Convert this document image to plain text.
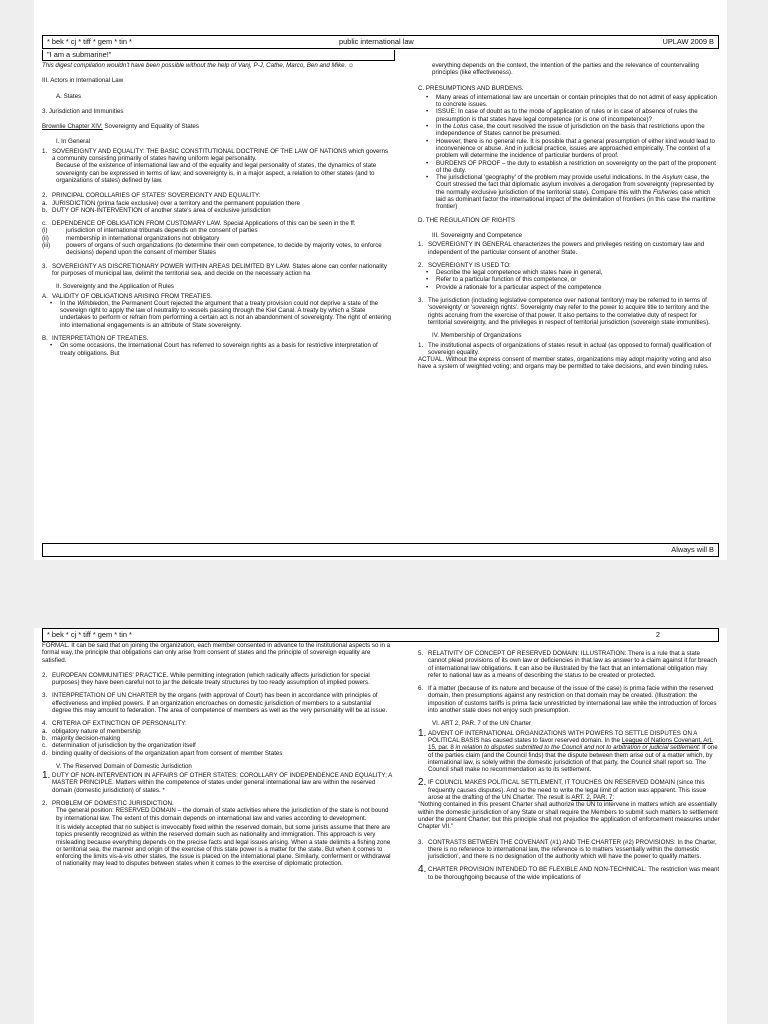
* bek * cj * tiff * gem * tin *	public international law	UPLAW 2009 B
"I am a submarine!"

This digest compilation wouldn't have been possible without the help of Vanj, P-J, Cathe, Marco, Ben and Mike. ☺

III. Actors in International Law

A. States

3. Jurisdiction and Immunities

Brownlie Chapter XIV: Sovereignty and Equality of States

I. In General

1. SOVEREIGNTY AND EQUALITY: THE BASIC CONSTITUTIONAL DOCTRINE OF THE LAW OF NATIONS which governs a community consisting primarily of states having uniform legal personality.

Because of the existence of international law and of the equality and legal personality of states, the dynamics of state sovereignty can be expressed in terms of law; and sovereignty is, in a major aspect, a relation to other states (and to organizations of states) defined by law.

2. PRINCIPAL COROLLARIES OF STATES' SOVEREIGNTY AND EQUALITY:
a. JURISDICTION (prima facie exclusive) over a territory and the permanent population there
b. DUTY OF NON-INTERVENTION of another state's area of exclusive jurisdiction
c. DEPENDENCE OF OBLIGATION FROM CUSTOMARY LAW. Special Applications of this can be seen in the ff:
(i)	jurisdiction of international tribunals depends on the consent of parties
(ii)	membership in international organizations not obligatory
(iii)	powers of organs of such organizations (to determine their own competence, to decide by majority votes, to enforce decisions) depend upon the consent of member States
3. SOVEREIGNTY AS DISCRETIONARY POWER WITHIN AREAS DELIMITED BY LAW. States alone can confer nationality for purposes of municipal law, delimit the territorial sea, and decide on the necessary action ha

II. Sovereignty and the Application of Rules

A. VALIDITY OF OBLIGATIONS ARISING FROM TREATIES.
•	In the Wimbledon, the Permanent Court rejected the argument that a treaty provision could not deprive a state of the sovereign right to apply the law of neutrality to vessels passing through the Kiel Canal. A treaty by which a State undertakes to perform or refrain from performing a certain act is not an abandonment of sovereignty. The right of entering into international engagements is an attribute of State sovereignty.
B. INTERPRETATION OF TREATIES.
•	On some occasions, the International Court has referred to sovereign rights as a basis for restrictive interpretation of treaty obligations. But

everything depends on the context, the intention of the parties and the relevance of countervailing principles (like effectiveness).

C. PRESUMPTIONS AND BURDENS.

•	Many areas of international law are uncertain or contain principles that do not admit of easy application to concrete issues.
•	ISSUE: In case of doubt as to the mode of application of rules or in case of absence of rules the presumption is that states have legal competence (or is one of incompetence)?
•	In the Lotus case, the court resolved the issue of jurisdiction on the basis that restrictions upon the independence of States cannot be presumed.
•	However, there is no general rule. It is possible that a general presumption of either kind would lead to inconvenience or abuse. And in judicial practice, issues are approached empirically. The context of a problem will determine the incidence of particular burdens of proof.
•	BURDENS OF PROOF – the duty to establish a restriction on sovereignty on the part of the proponent of the duty.
•	The jurisdictional 'geography' of the problem may provide useful indications. In the Asylum case, the Court stressed the fact that diplomatic asylum involves a derogation from sovereignty (represented by the normally exclusive jurisdiction of the territorial state). Compare this with the Fisheries case which laid as dominant factor the international impact of the delimitation of frontiers (in this case the maritime frontier)

D. THE REGULATION OF RIGHTS

III. Sovereignty and Competence

1. SOVEREIGNTY IN GENERAL characterizes the powers and privileges resting on customary law and independent of the particular consent of another State.
2. SOVEREIGNTY IS USED TO:
•	Describe the legal competence which states have in general,
•	Refer to a particular function of this competence, or
•	Provide a rationale for a particular aspect of the competence
3. The jurisdiction (including legislative competence over national territory) may be referred to in terms of 'sovereignty' or 'sovereign rights'. Sovereignty may refer to the power to acquire title to territory and the rights accruing from the exercise of that power. It also pertains to the correlative duty of respect for territorial sovereignty, and the privileges in respect of territorial jurisdiction (sovereign state immunities).

IV. Membership of Organizations

1. The institutional aspects of organizations of states result in actual (as opposed to formal) qualification of sovereign equality.

ACTUAL. Without the express consent of member states, organizations may adopt majority voting and also have a system of weighted voting; and organs may be permitted to take decisions, and even binding rules.

Always will B
* bek * cj * tiff * gem * tin *	2

FORMAL. It can be said that on joining the organization, each member consented in advance to the institutional aspects so in a formal way, the principle that obligations can only arise from consent of states and the principle of sovereign equality are satisfied.

2. EUROPEAN COMMUNITIES' PRACTICE. While permitting integration (which radically affects jurisdiction for special purposes) they have been careful not to jar the delicate treaty structures by too ready assumption of implied powers.
3. INTERPRETATION OF UN CHARTER by the organs (with approval of Court) has been in accordance with principles of effectiveness and implied powers. If an organization encroaches on domestic jurisdiction of members to a substantial degree this may amount to federation. The area of competence of members as well as the very personality will be at issue.
4. CRITERIA OF EXTINCTION OF PERSONALITY:
a. obligatory nature of membership
b. majority decision-making
c. determination of jurisdiction by the organization itself
d. binding quality of decisions of the organization apart from consent of member States

V. The Reserved Domain of Domestic Jurisdiction

1. DUTY OF NON-INTERVENTION IN AFFAIRS OF OTHER STATES: COROLLARY OF INDEPENDENCE AND EQUALITY; A MASTER PRINCIPLE. Matters within the competence of states under general international law are within the reserved domain (domestic jurisdiction) of states. *
2. PROBLEM OF DOMESTIC JURISDICTION.

The general position: RESERVED DOMAIN – the domain of state activities where the jurisdiction of the state is not bound by international law. The extent of this domain depends on international law and varies according to development.

It is widely accepted that no subject is irrevocably fixed within the reserved domain, but some jurists assume that there are topics presently recognized as within the reserved domain such as nationality and immigration. This approach is very misleading because everything depends on the precise facts and legal issues arising. When a state delimits a fishing zone or territorial sea, the manner and origin of the exercise of this state power is a matter for the state. But when it comes to enforcing the limits vis-à-vis other states, the issue is placed on the international plane. Similarly, conferment or withdrawal of nationality may lead to disputes between states when it comes to the exercise of diplomatic protection.

5. RELATIVITY OF CONCEPT OF RESERVED DOMAIN: ILLUSTRATION: There is a rule that a state cannot plead provisions of its own law or deficiencies in that law as answer to a claim against it for breach of international law obligations. It can also be illustrated by the fact that an international obligation may refer to national law as a means of describing the status to be created or protected.
6. If a matter (because of its nature and because of the issue of the case) is prima facie within the reserved domain, then presumptions against any restriction on that domain may be created. (Illustration: the imposition of customs tariffs is prima facie unrestricted by international law while the introduction of forces into another state does not enjoy such presumption.

VI. ART 2, PAR. 7 of the UN Charter

1. ADVENT OF INTERNATIONAL ORGANIZATIONS WITH POWERS TO SETTLE DISPUTES ON A POLITICAL BASIS has caused states to favor reserved domain. In the League of Nations Covenant, Art. 15, par. 8 in relation to disputes submitted to the Council and not to arbitration or judicial settlement: If one of the parties claim (and the Council finds) that the dispute between them arise out of a matter which, by international law, is solely within the domestic jurisdiction of that party, the Council shall report so. The Council shall make no recommendation as to its settlement.
2. IF COUNCIL MAKES POLITICAL SETTLEMENT, IT TOUCHES ON RESERVED DOMAIN (since this frequently causes disputes). And so the need to write the legal limit of action was apparent. This issue arose at the drafting of the UN Charter. The result is ART. 2, PAR. 7:

"Nothing contained in this present Charter shall authorize the UN to intervene in matters which are essentially within the domestic jurisdiction of any State or shall require the Members to submit such matters to settlement under the present Charter; but this principle shall not prejudice the application of enforcement measures under Chapter VII."

3. CONTRASTS BETWEEN THE COVENANT (#1) AND THE CHARTER (#2) PROVISIONS: In the Charter, there is no reference to international law, the reference is to matters 'essentially within the domestic jurisdiction', and there is no designation of the authority which will have the power to qualify matters.
4. CHARTER PROVISION INTENDED TO BE FLEXIBLE AND NON-TECHNICAL: The restriction was meant to be thoroughgoing because of the wide implications of
